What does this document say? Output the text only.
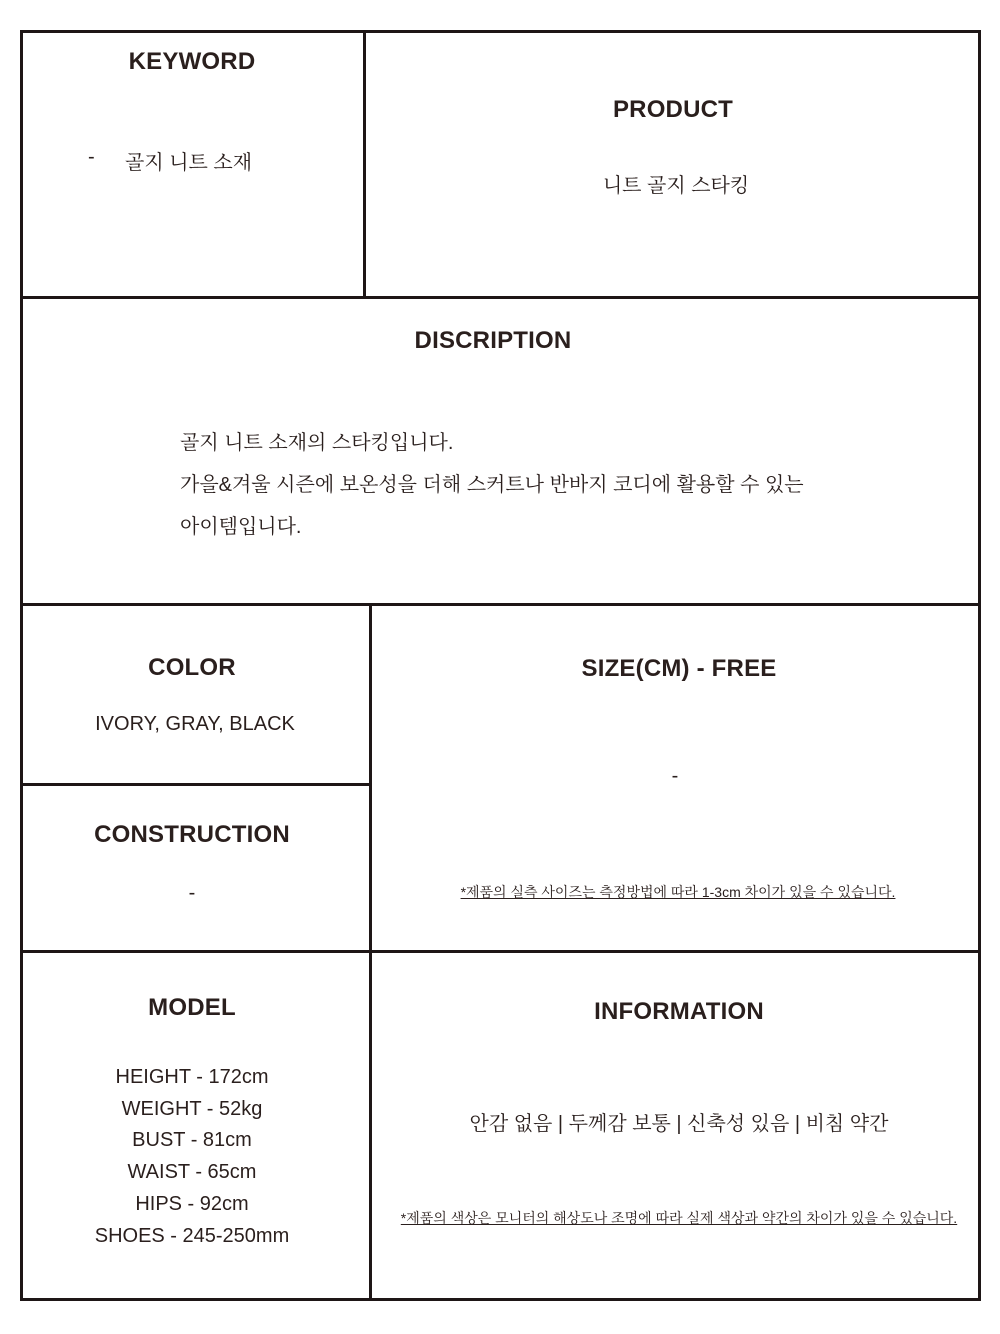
KEYWORD
- 골지 니트 소재
PRODUCT
니트 골지 스타킹
DISCRIPTION
골지 니트 소재의 스타킹입니다.
가을&겨울 시즌에 보온성을 더해 스커트나 반바지 코디에 활용할 수 있는
아이템입니다.
COLOR
IVORY, GRAY, BLACK
CONSTRUCTION
-
SIZE(CM) - FREE
-
*제품의 실측 사이즈는 측정방법에 따라 1-3cm 차이가 있을 수 있습니다.
MODEL
HEIGHT - 172cm
WEIGHT - 52kg
BUST - 81cm
WAIST - 65cm
HIPS - 92cm
SHOES - 245-250mm
INFORMATION
안감 없음 | 두께감 보통 | 신축성 있음 | 비침 약간
*제품의 색상은 모니터의 해상도나 조명에 따라 실제 색상과 약간의 차이가 있을 수 있습니다.
